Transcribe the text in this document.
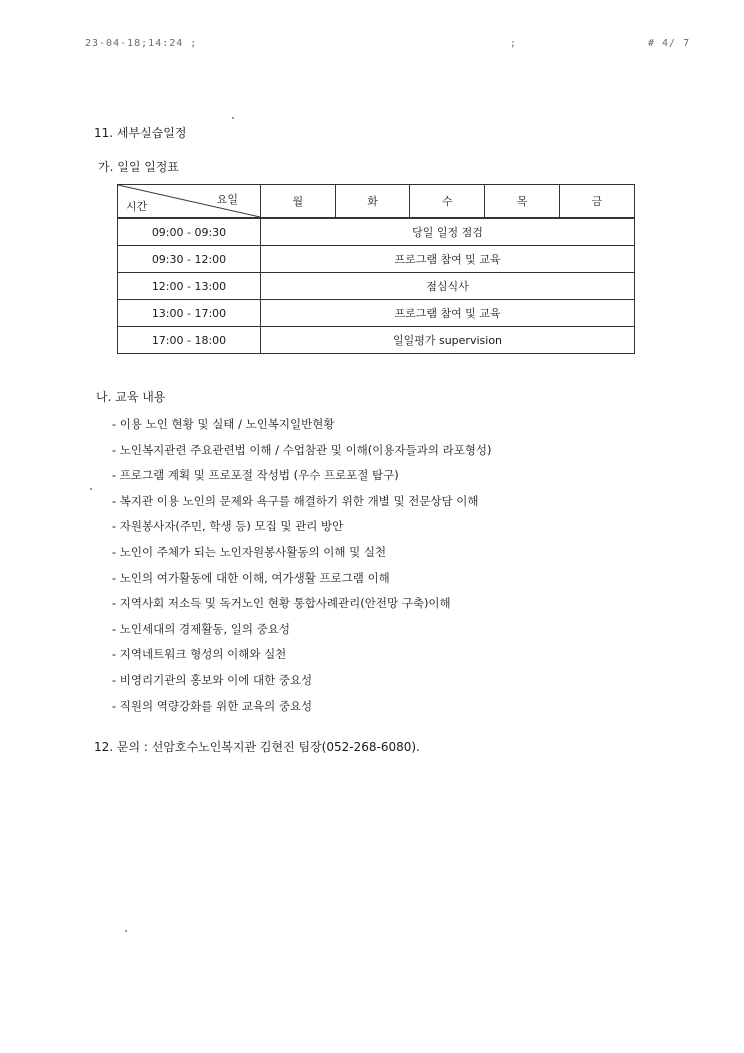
23-04-18;14:24 ;	;	# 4/ 7
11. 세부실습일정
가. 일일 일정표
요일
시간	월	화	수	목	금
09:00 - 09:30	당일 일정 점검				
09:30 - 12:00	프로그램 참여 및 교육				
12:00 - 13:00	점심식사				
13:00 - 17:00	프로그램 참여 및 교육				
17:00 - 18:00	일일평가 supervision				
나. 교육 내용
- 이용 노인 현황 및 실태 / 노인복지일반현황
- 노인복지관련 주요관련법 이해 / 수업참관 및 이해(이용자들과의 라포형성)
- 프로그램 계획 및 프로포절 작성법 (우수 프로포절 탐구)
- 복지관 이용 노인의 문제와 욕구를 해결하기 위한 개별 및 전문상담 이해
- 자원봉사자(주민, 학생 등) 모집 및 관리 방안
- 노인이 주체가 되는 노인자원봉사활동의 이해 및 실천
- 노인의 여가활동에 대한 이해, 여가생활 프로그램 이해
- 지역사회 저소득 및 독거노인 현황 통합사례관리(안전망 구축)이해
- 노인세대의 경제활동, 일의 중요성
- 지역네트워크 형성의 이해와 실천
- 비영리기관의 홍보와 이에 대한 중요성
- 직원의 역량강화를 위한 교육의 중요성
12. 문의 : 선암호수노인복지관 김현진 팀장(052-268-6080).
